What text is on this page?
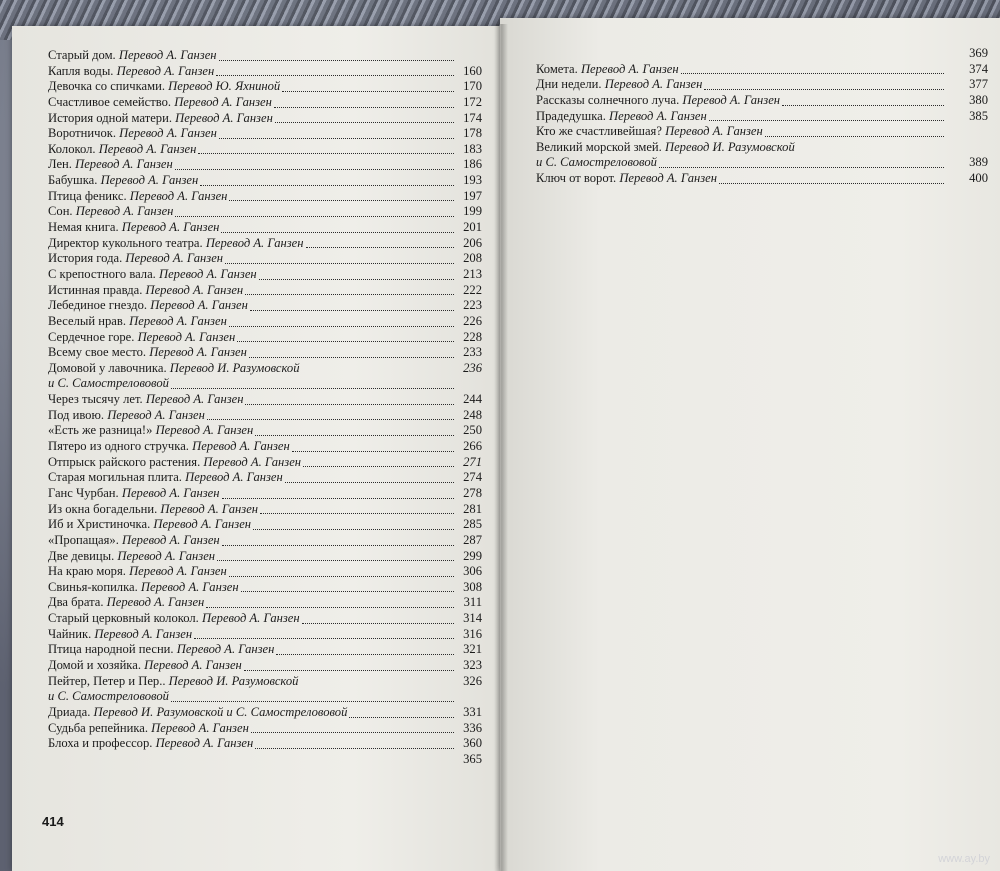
Старый дом. Перевод А. Ганзен
Капля воды. Перевод А. Ганзен	160
Девочка со спичками. Перевод Ю. Яхниной	170
Счастливое семейство. Перевод А. Ганзен	172
История одной матери. Перевод А. Ганзен	174
Воротничок. Перевод А. Ганзен	178
Колокол. Перевод А. Ганзен	183
Лен. Перевод А. Ганзен	186
Бабушка. Перевод А. Ганзен	193
Птица феникс. Перевод А. Ганзен	197
Сон. Перевод А. Ганзен	199
Немая книга. Перевод А. Ганзен	201
Директор кукольного театра. Перевод А. Ганзен	206
История года. Перевод А. Ганзен	208
С крепостного вала. Перевод А. Ганзен	213
Истинная правда. Перевод А. Ганзен	222
Лебединое гнездо. Перевод А. Ганзен	223
Веселый нрав. Перевод А. Ганзен	226
Сердечное горе. Перевод А. Ганзен	228
Всему свое место. Перевод А. Ганзен	233
Домовой у лавочника. Перевод И. Разумовской	236
и С. Самострелововой
Через тысячу лет. Перевод А. Ганзен	244
Под ивою. Перевод А. Ганзен	248
«Есть же разница!» Перевод А. Ганзен	250
Пятеро из одного стручка. Перевод А. Ганзен	266
Отпрыск райского растения. Перевод А. Ганзен	271
Старая могильная плита. Перевод А. Ганзен	274
Ганс Чурбан. Перевод А. Ганзен	278
Из окна богадельни. Перевод А. Ганзен	281
Иб и Христиночка. Перевод А. Ганзен	285
«Пропащая». Перевод А. Ганзен	287
Две девицы. Перевод А. Ганзен	299
На краю моря. Перевод А. Ганзен	306
Свинья-копилка. Перевод А. Ганзен	308
Два брата. Перевод А. Ганзен	311
Старый церковный колокол. Перевод А. Ганзен	314
Чайник. Перевод А. Ганзен	316
Птица народной песни. Перевод А. Ганзен	321
Домой и хозяйка. Перевод А. Ганзен	323
Пейтер, Петер и Пер.. Перевод И. Разумовской	326
и С. Самострелововой
Дриада. Перевод И. Разумовской и С. Самострелововой	331
Судьба репейника. Перевод А. Ганзен	336
Блоха и профессор. Перевод А. Ганзен	360
365
369
Комета. Перевод А. Ганзен	374
Дни недели. Перевод А. Ганзен	377
Рассказы солнечного луча. Перевод А. Ганзен	380
Прадедушка. Перевод А. Ганзен	385
Кто же счастливейшая? Перевод А. Ганзен
Великий морской змей. Перевод И. Разумовской
и С. Самострелововой	389
Ключ от ворот. Перевод А. Ганзен	400
414
www.ay.by
